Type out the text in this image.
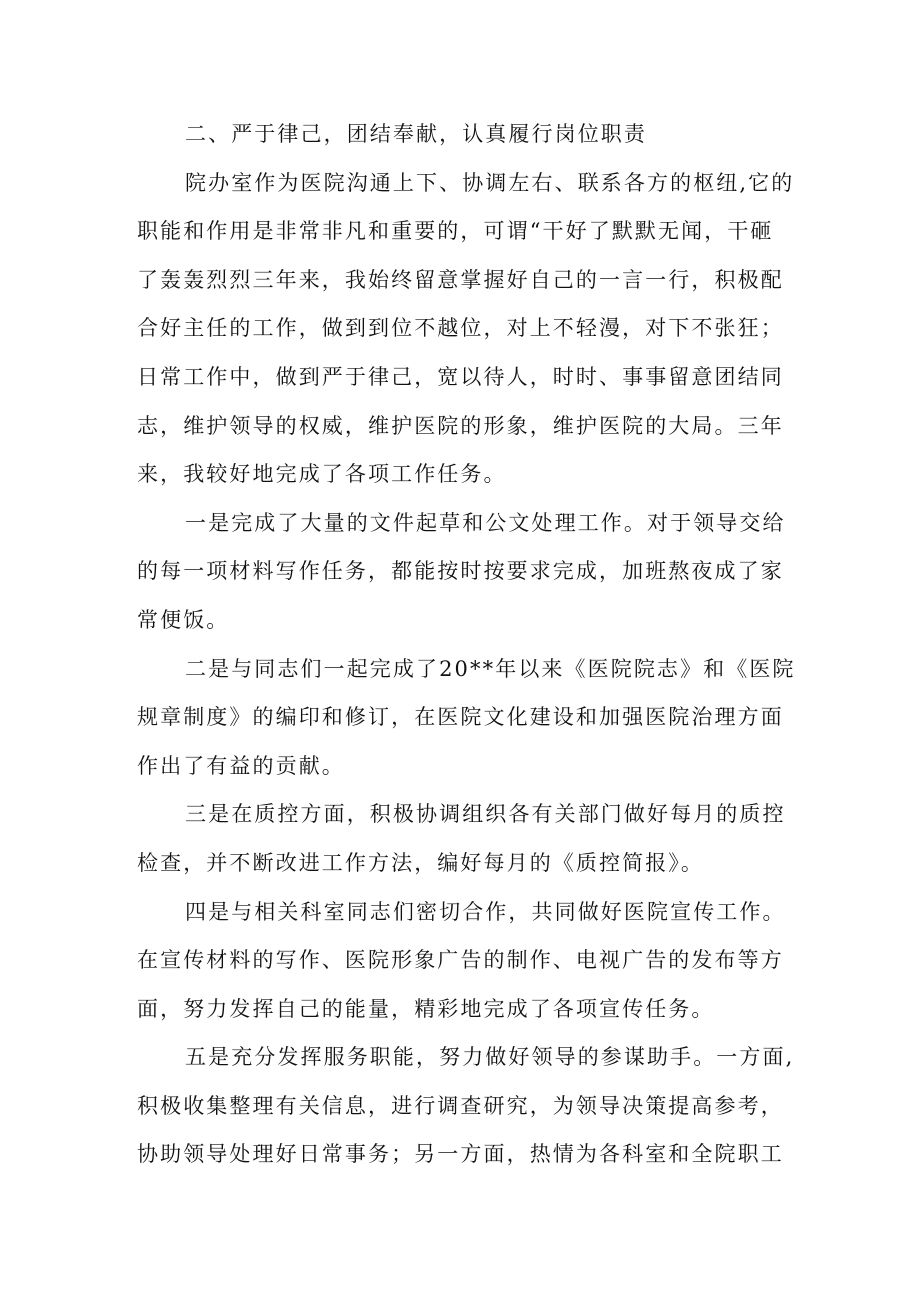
二、严于律己，团结奉献，认真履行岗位职责
院办室作为医院沟通上下、协调左右、联系各方的枢纽,它的
职能和作用是非常非凡和重要的，可谓“干好了默默无闻，干砸
了轰轰烈烈三年来，我始终留意掌握好自己的一言一行，积极配
合好主任的工作，做到到位不越位，对上不轻漫，对下不张狂；
日常工作中，做到严于律己，宽以待人，时时、事事留意团结同
志，维护领导的权威，维护医院的形象，维护医院的大局。三年
来，我较好地完成了各项工作任务。
一是完成了大量的文件起草和公文处理工作。对于领导交给
的每一项材料写作任务，都能按时按要求完成，加班熬夜成了家
常便饭。
二是与同志们一起完成了20**年以来《医院院志》和《医院
规章制度》的编印和修订，在医院文化建设和加强医院治理方面
作出了有益的贡献。
三是在质控方面，积极协调组织各有关部门做好每月的质控
检查，并不断改进工作方法，编好每月的《质控简报》。
四是与相关科室同志们密切合作，共同做好医院宣传工作。
在宣传材料的写作、医院形象广告的制作、电视广告的发布等方
面，努力发挥自己的能量，精彩地完成了各项宣传任务。
五是充分发挥服务职能，努力做好领导的参谋助手。一方面,
积极收集整理有关信息，进行调查研究，为领导决策提高参考，
协助领导处理好日常事务；另一方面，热情为各科室和全院职工
